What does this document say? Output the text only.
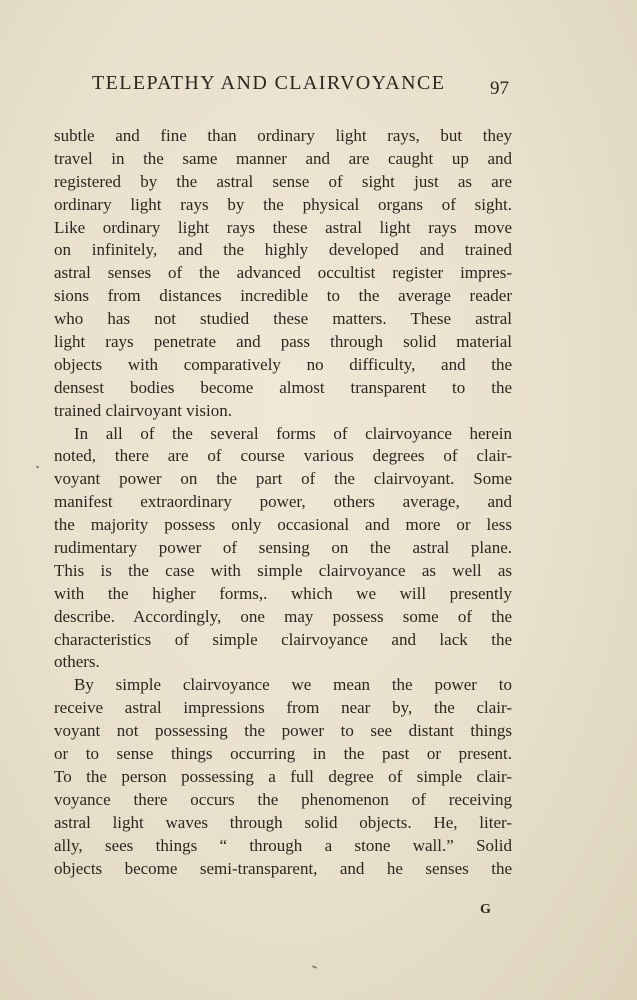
TELEPATHY AND CLAIRVOYANCE 97
subtle and fine than ordinary light rays, but they
travel in the same manner and are caught up and
registered by the astral sense of sight just as are
ordinary light rays by the physical organs of sight.
Like ordinary light rays these astral light rays move
on infinitely, and the highly developed and trained
astral senses of the advanced occultist register impres-
sions from distances incredible to the average reader
who has not studied these matters. These astral
light rays penetrate and pass through solid material
objects with comparatively no difficulty, and the
densest bodies become almost transparent to the
trained clairvoyant vision.
In all of the several forms of clairvoyance herein
noted, there are of course various degrees of clair-
voyant power on the part of the clairvoyant. Some
manifest extraordinary power, others average, and
the majority possess only occasional and more or less
rudimentary power of sensing on the astral plane.
This is the case with simple clairvoyance as well as
with the higher forms,. which we will presently
describe. Accordingly, one may possess some of the
characteristics of simple clairvoyance and lack the
others.
By simple clairvoyance we mean the power to
receive astral impressions from near by, the clair-
voyant not possessing the power to see distant things
or to sense things occurring in the past or present.
To the person possessing a full degree of simple clair-
voyance there occurs the phenomenon of receiving
astral light waves through solid objects. He, liter-
ally, sees things “ through a stone wall.” Solid
objects become semi-transparent, and he senses the
G
